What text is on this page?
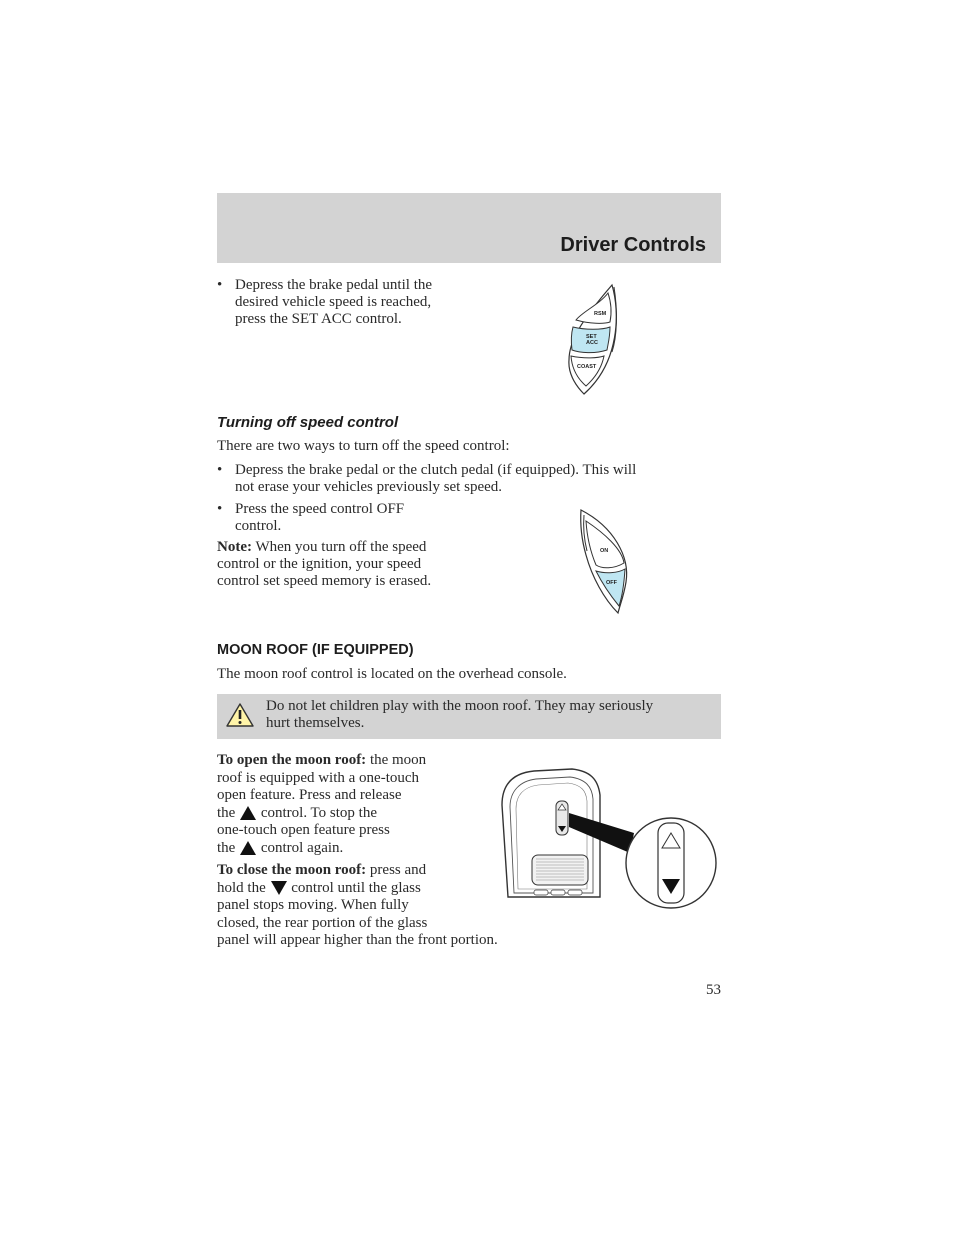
Driver Controls
• Depress the brake pedal until the
desired vehicle speed is reached,
press the SET ACC control.	RSM
SET
ACC
COAST
Turning off speed control
There are two ways to turn off the speed control:
• Depress the brake pedal or the clutch pedal (if equipped). This will
not erase your vehicles previously set speed.
• Press the speed control OFF
control.
Note: When you turn off the speed
control or the ignition, your speed
control set speed memory is erased.
ON
OFF
MOON ROOF (IF EQUIPPED)
The moon roof control is located on the overhead console.
Do not let children play with the moon roof. They may seriously
hurt themselves.
To open the moon roof: the moon
roof is equipped with a one-touch
open feature. Press and release
the control. To stop the
one-touch open feature press
the control again.
To close the moon roof: press and
hold the control until the glass
panel stops moving. When fully
closed, the rear portion of the glass
panel will appear higher than the front portion.
53
